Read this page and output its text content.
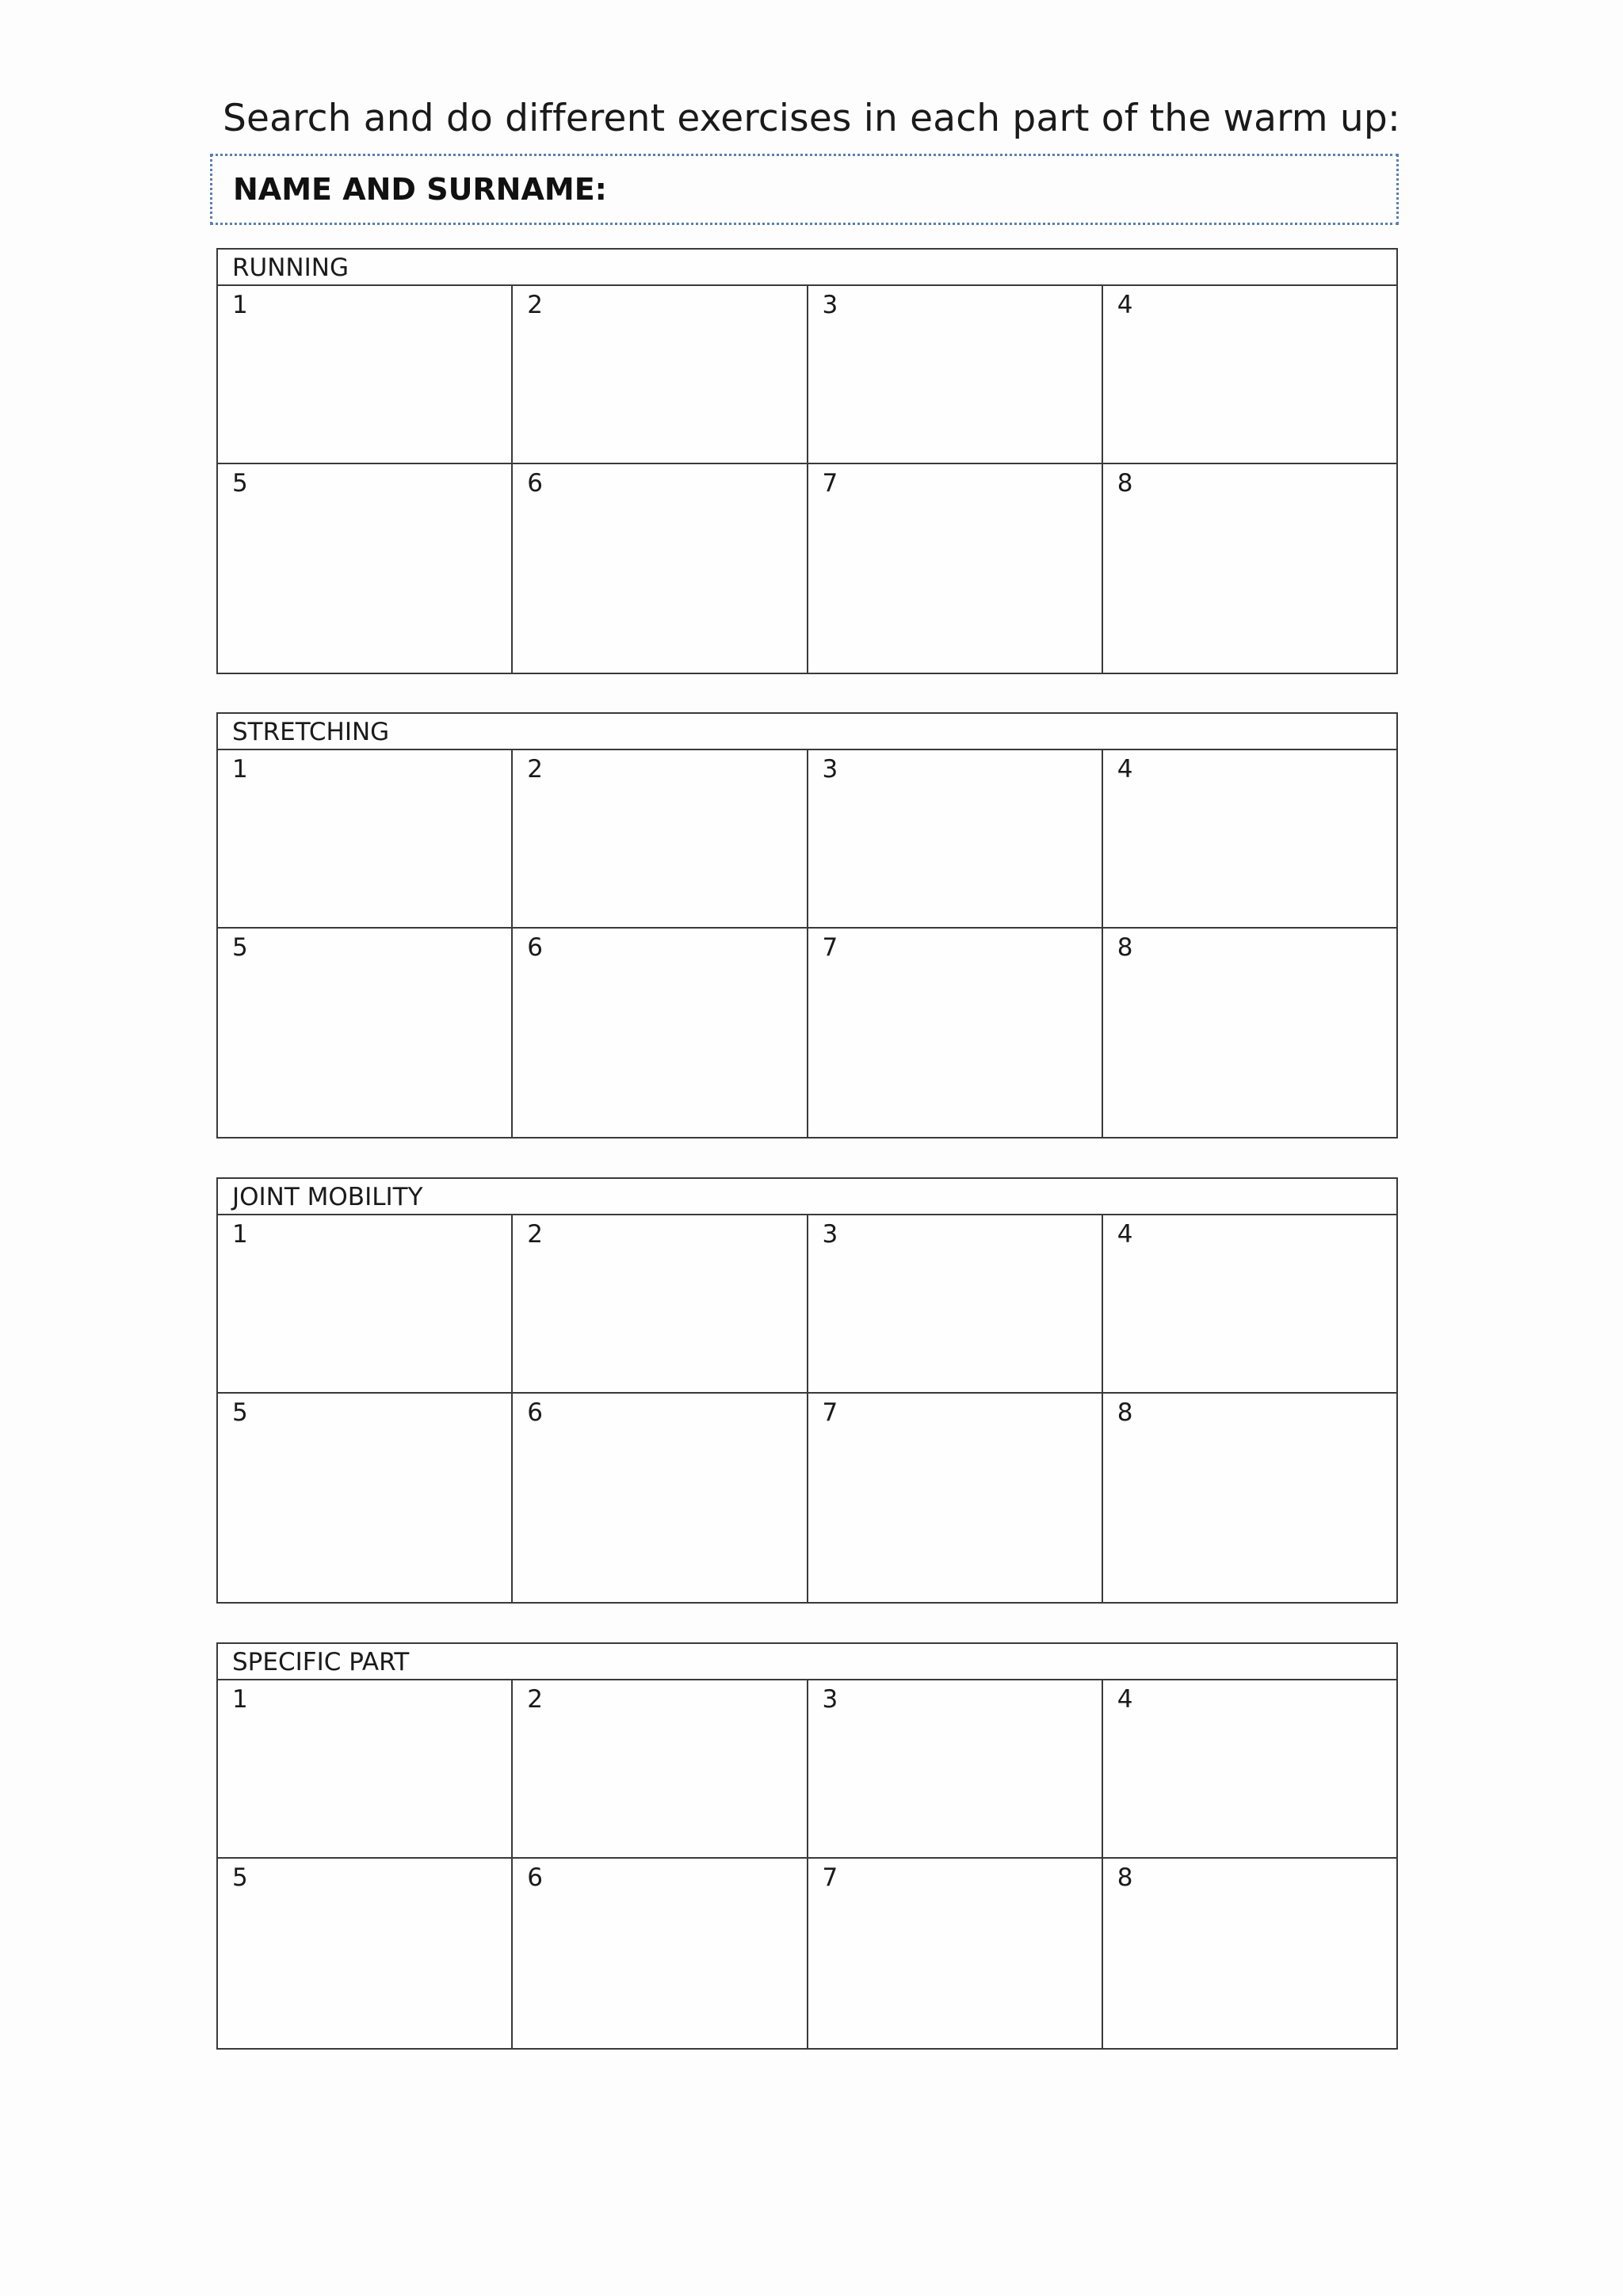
Search and do different exercises in each part of the warm up:
NAME AND SURNAME:
RUNNING
1	2	3	4
5	6	7	8
STRETCHING
1	2	3	4
5	6	7	8
JOINT MOBILITY
1	2	3	4
5	6	7	8
SPECIFIC PART
1	2	3	4
5	6	7	8
